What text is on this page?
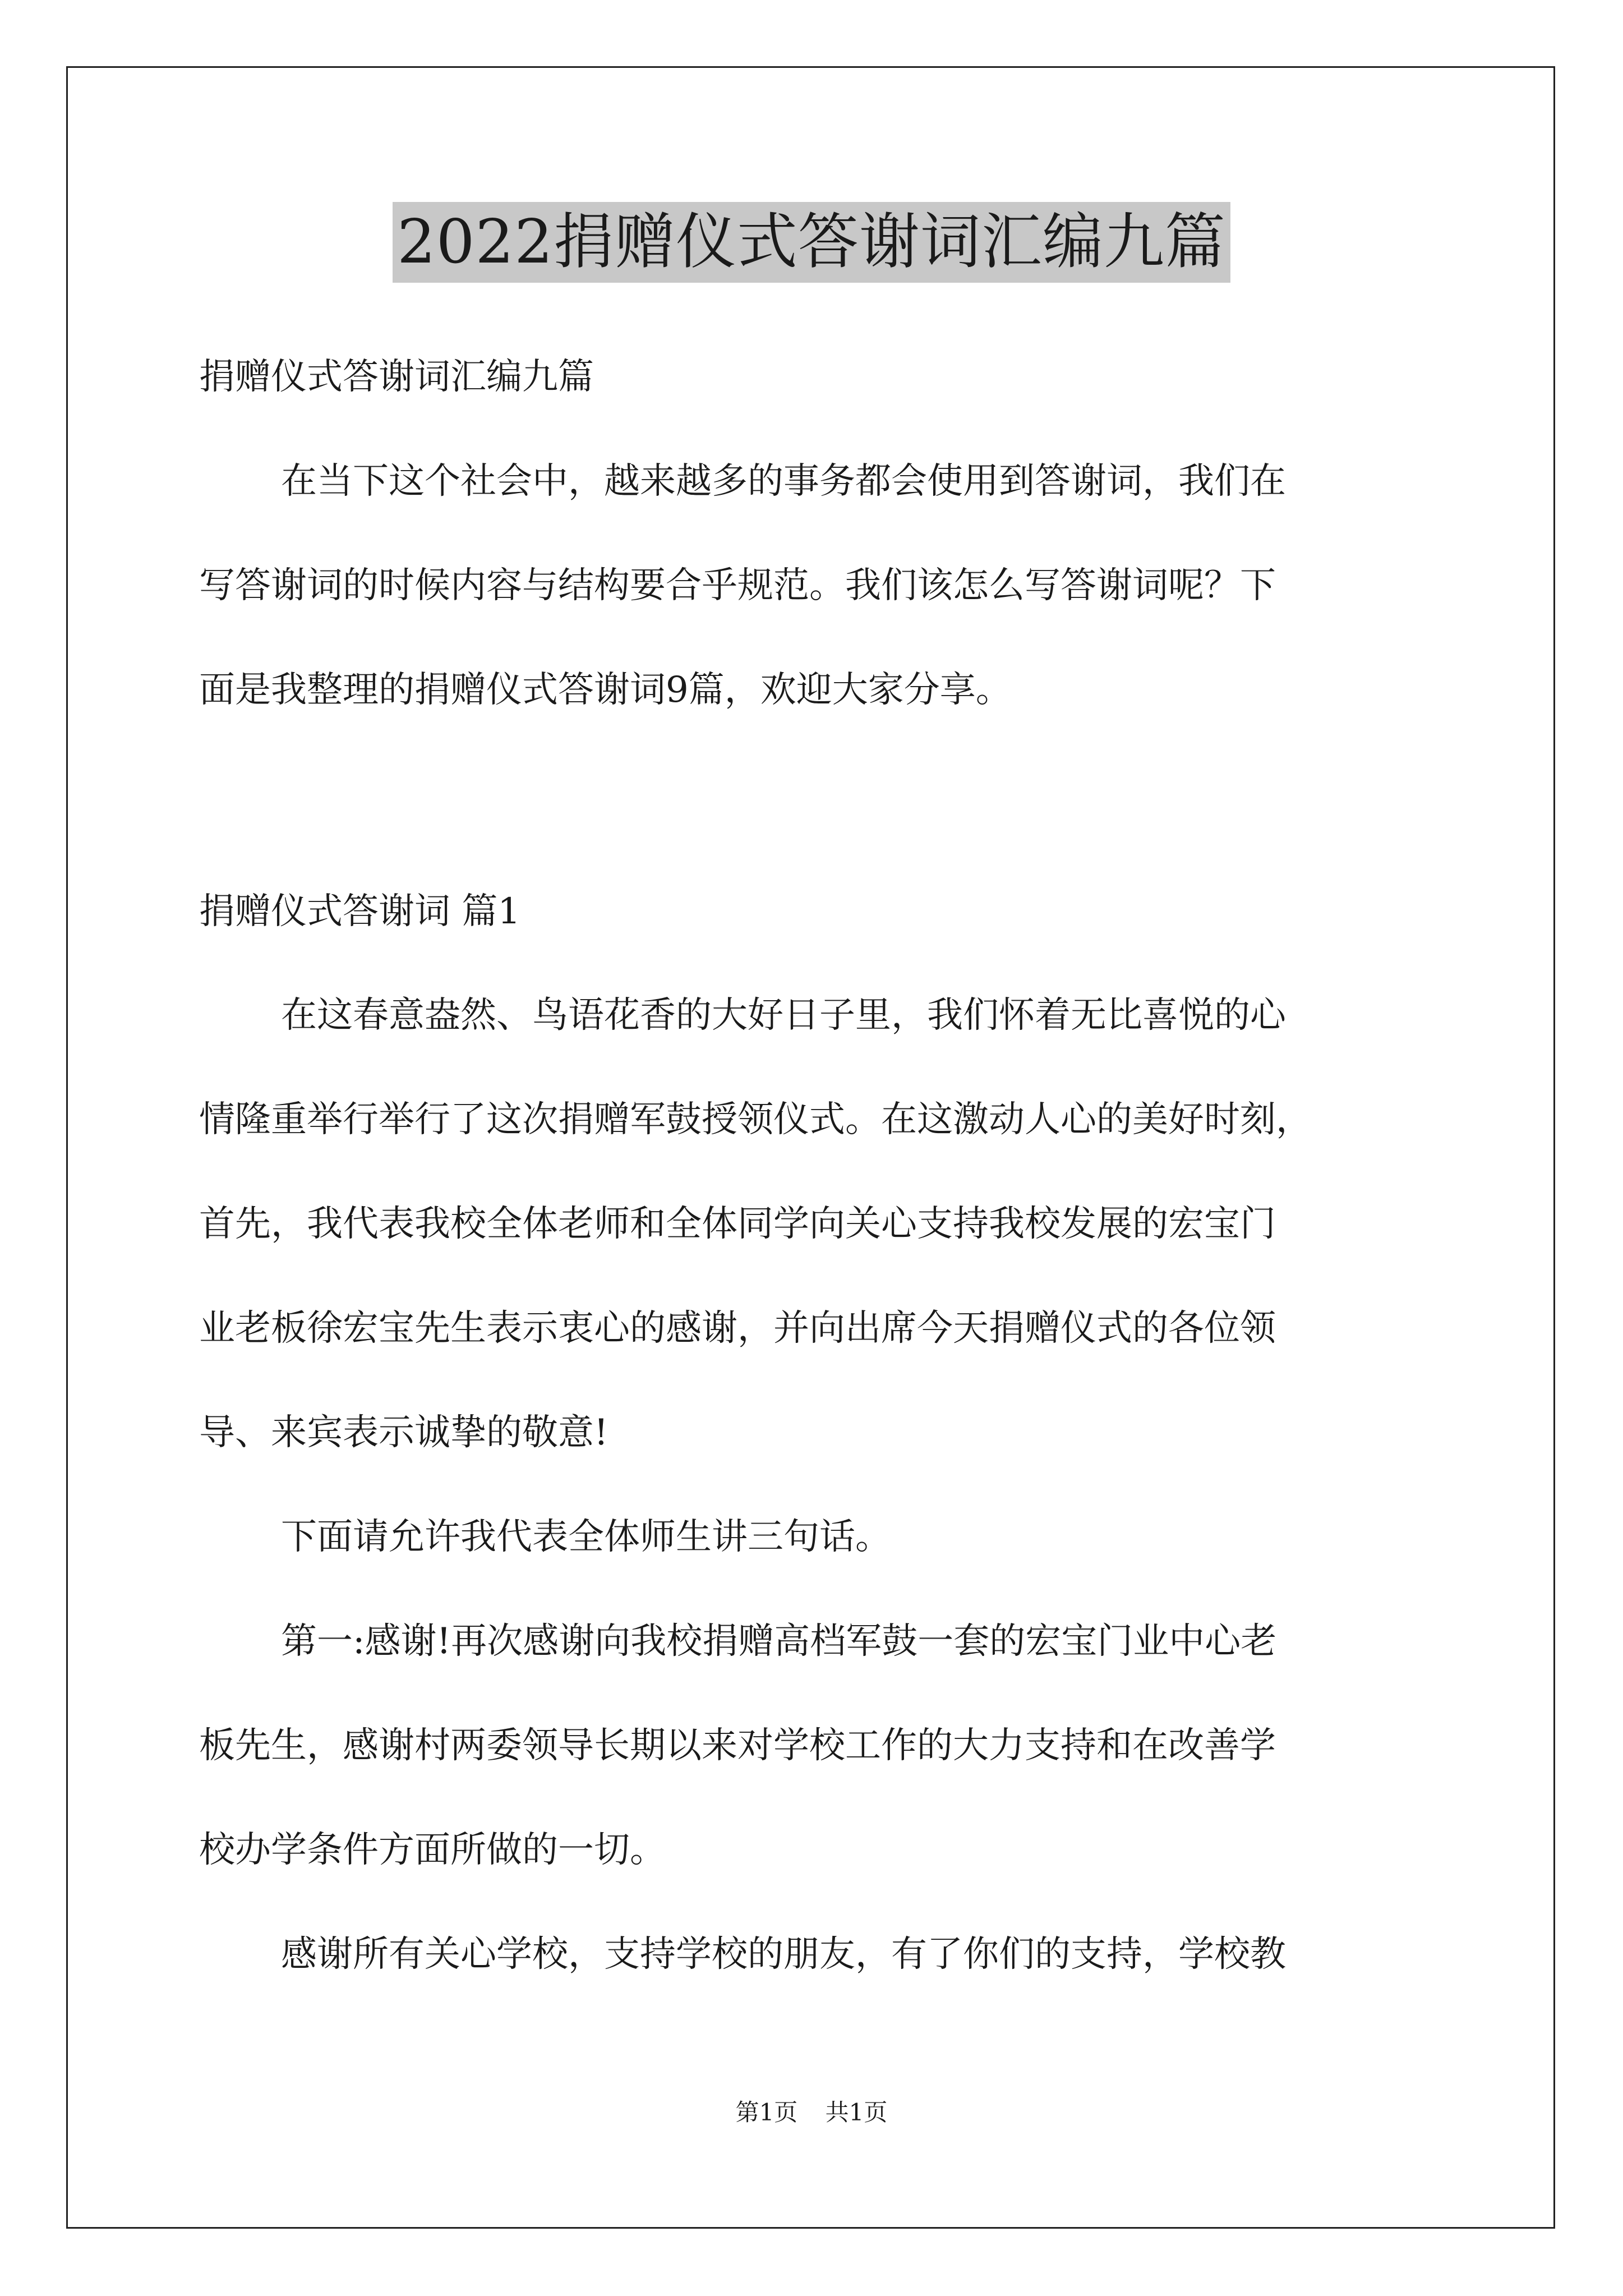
2022捐赠仪式答谢词汇编九篇
捐赠仪式答谢词汇编九篇
在当下这个社会中，越来越多的事务都会使用到答谢词，我们在
写答谢词的时候内容与结构要合乎规范。我们该怎么写答谢词呢？下
面是我整理的捐赠仪式答谢词9篇，欢迎大家分享。
捐赠仪式答谢词 篇1
在这春意盎然、鸟语花香的大好日子里，我们怀着无比喜悦的心
情隆重举行举行了这次捐赠军鼓授领仪式。在这激动人心的美好时刻，
首先，我代表我校全体老师和全体同学向关心支持我校发展的宏宝门
业老板徐宏宝先生表示衷心的感谢，并向出席今天捐赠仪式的各位领
导、来宾表示诚挚的敬意!
下面请允许我代表全体师生讲三句话。
第一:感谢!再次感谢向我校捐赠高档军鼓一套的宏宝门业中心老
板先生，感谢村两委领导长期以来对学校工作的大力支持和在改善学
校办学条件方面所做的一切。
感谢所有关心学校，支持学校的朋友，有了你们的支持，学校教
第1页 共1页
